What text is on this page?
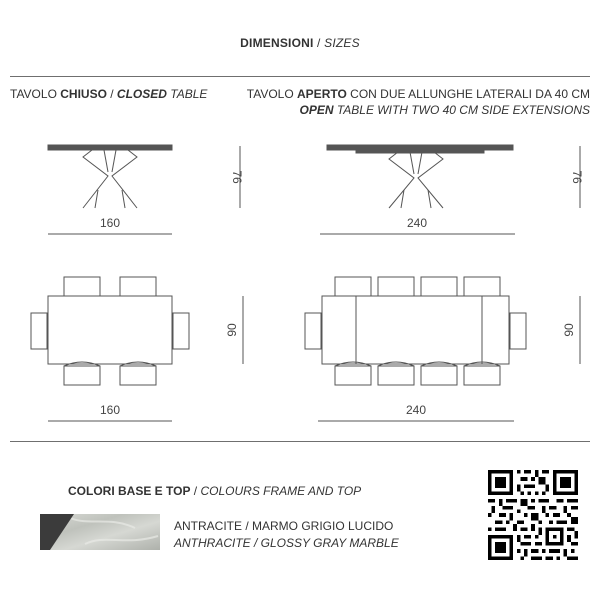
DIMENSIONI / SIZES
TAVOLO CHIUSO / CLOSED TABLE	TAVOLO APERTO CON DUE ALLUNGHE LATERALI DA 40 CM
OPEN TABLE WITH TWO 40 CM SIDE EXTENSIONS
76
160
76
240
90
160
90
240
COLORI BASE E TOP / COLOURS FRAME AND TOP
ANTRACITE / MARMO GRIGIO LUCIDO
ANTHRACITE / GLOSSY GRAY MARBLE
